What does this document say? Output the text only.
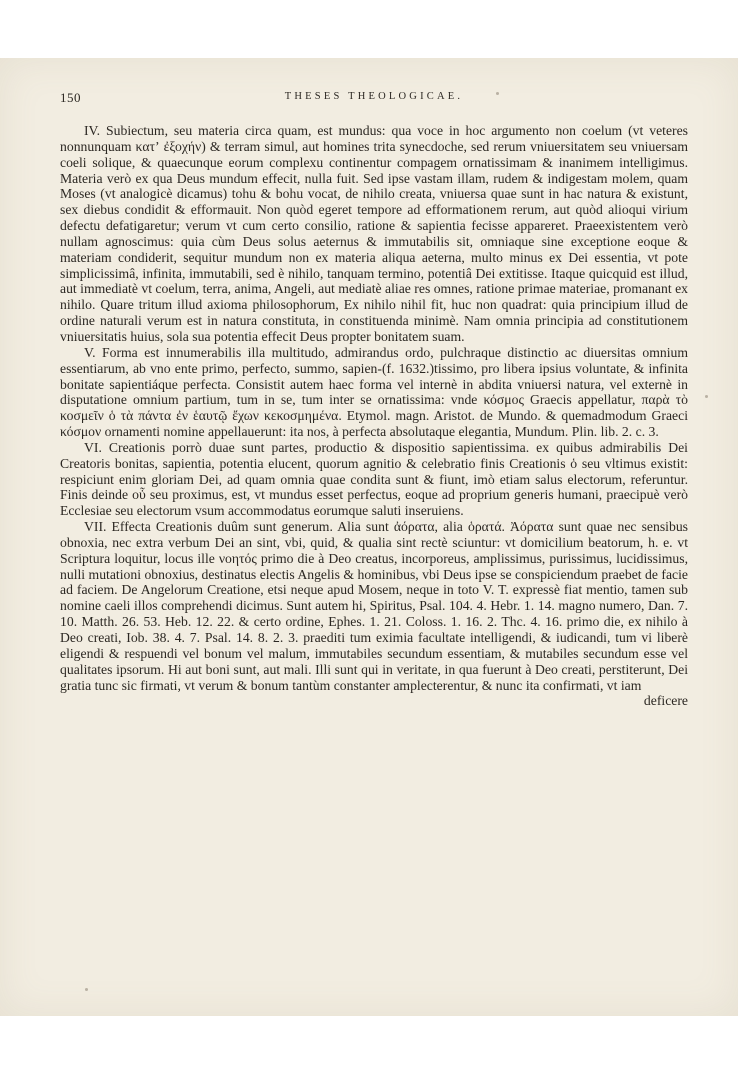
150	THESES THEOLOGICAE.

IV. Subiectum, seu materia circa quam, est mundus: qua voce in hoc argumento non coelum (vt veteres nonnunquam κατʼ ἐξοχήν) & terram simul, aut homines trita synecdoche, sed rerum vniuersitatem seu vniuersam coeli solique, & quaecunque eorum complexu continentur compagem ornatissimam & inanimem intelligimus. Materia verò ex qua Deus mundum effecit, nulla fuit. Sed ipse vastam illam, rudem & indigestam molem, quam Moses (vt analogicè dicamus) tohu & bohu vocat, de nihilo creata, vniuersa quae sunt in hac natura & existunt, sex diebus condidit & efformauit. Non quòd egeret tempore ad efformationem rerum, aut quòd alioqui virium defectu defatigaretur; verum vt cum certo consilio, ratione & sapientia fecisse appareret. Praeexistentem verò nullam agnoscimus: quia cùm Deus solus aeternus & immutabilis sit, omniaque sine exceptione eoque & materiam condiderit, sequitur mundum non ex materia aliqua aeterna, multo minus ex Dei essentia, vt pote simplicissimâ, infinita, immutabili, sed è nihilo, tanquam termino, potentiâ Dei extitisse. Itaque quicquid est illud, aut immediatè vt coelum, terra, anima, Angeli, aut mediatè aliae res omnes, ratione primae materiae, promanant ex nihilo. Quare tritum illud axioma philosophorum, Ex nihilo nihil fit, huc non quadrat: quia principium illud de ordine naturali verum est in natura constituta, in constituenda minimè. Nam omnia principia ad constitutionem vniuersitatis huius, sola sua potentia effecit Deus propter bonitatem suam.

V. Forma est innumerabilis illa multitudo, admirandus ordo, pulchraque distinctio ac diuersitas omnium essentiarum, ab vno ente primo, perfecto, summo, sapien-(f. 1632.)tissimo, pro libera ipsius voluntate, & infinita bonitate sapientiáque perfecta. Consistit autem haec forma vel internè in abdita vniuersi natura, vel externè in disputatione omnium partium, tum in se, tum inter se ornatissima: vnde κόσμος Graecis appellatur, παρὰ τὸ κοσμεῖν ὁ τὰ πάντα ἐν ἑαυτῷ ἔχων κεκοσμημένα. Etymol. magn. Aristot. de Mundo. & quemadmodum Graeci κόσμον ornamenti nomine appellauerunt: ita nos, à perfecta absolutaque elegantia, Mundum. Plin. lib. 2. c. 3.

VI. Creationis porrò duae sunt partes, productio & dispositio sapientissima. ex quibus admirabilis Dei Creatoris bonitas, sapientia, potentia elucent, quorum agnitio & celebratio finis Creationis ὁ seu vltimus existit: respiciunt enim gloriam Dei, ad quam omnia quae condita sunt & fiunt, imò etiam salus electorum, referuntur. Finis deinde οὗ seu proximus, est, vt mundus esset perfectus, eoque ad proprium generis humani, praecipuè verò Ecclesiae seu electorum vsum accommodatus eorumque saluti inseruiens.

VII. Effecta Creationis duûm sunt generum. Alia sunt ἀόρατα, alia ὁρατά. Ἀόρατα sunt quae nec sensibus obnoxia, nec extra verbum Dei an sint, vbi, quid, & qualia sint rectè sciuntur: vt domicilium beatorum, h. e. vt Scriptura loquitur, locus ille νοητός primo die à Deo creatus, incorporeus, amplissimus, purissimus, lucidissimus, nulli mutationi obnoxius, destinatus electis Angelis & hominibus, vbi Deus ipse se conspiciendum praebet de facie ad faciem. De Angelorum Creatione, etsi neque apud Mosem, neque in toto V. T. expressè fiat mentio, tamen sub nomine caeli illos comprehendi dicimus. Sunt autem hi, Spiritus, Psal. 104. 4. Hebr. 1. 14. magno numero, Dan. 7. 10. Matth. 26. 53. Heb. 12. 22. & certo ordine, Ephes. 1. 21. Coloss. 1. 16. 2. Thc. 4. 16. primo die, ex nihilo à Deo creati, Iob. 38. 4. 7. Psal. 14. 8. 2. 3. praediti tum eximia facultate intelligendi, & iudicandi, tum vi liberè eligendi & respuendi vel bonum vel malum, immutabiles secundum essentiam, & mutabiles secundum esse vel qualitates ipsorum. Hi aut boni sunt, aut mali. Illi sunt qui in veritate, in qua fuerunt à Deo creati, perstiterunt, Dei gratia tunc sic firmati, vt verum & bonum tantùm constanter amplecterentur, & nunc ita confirmati, vt iam

deficere
